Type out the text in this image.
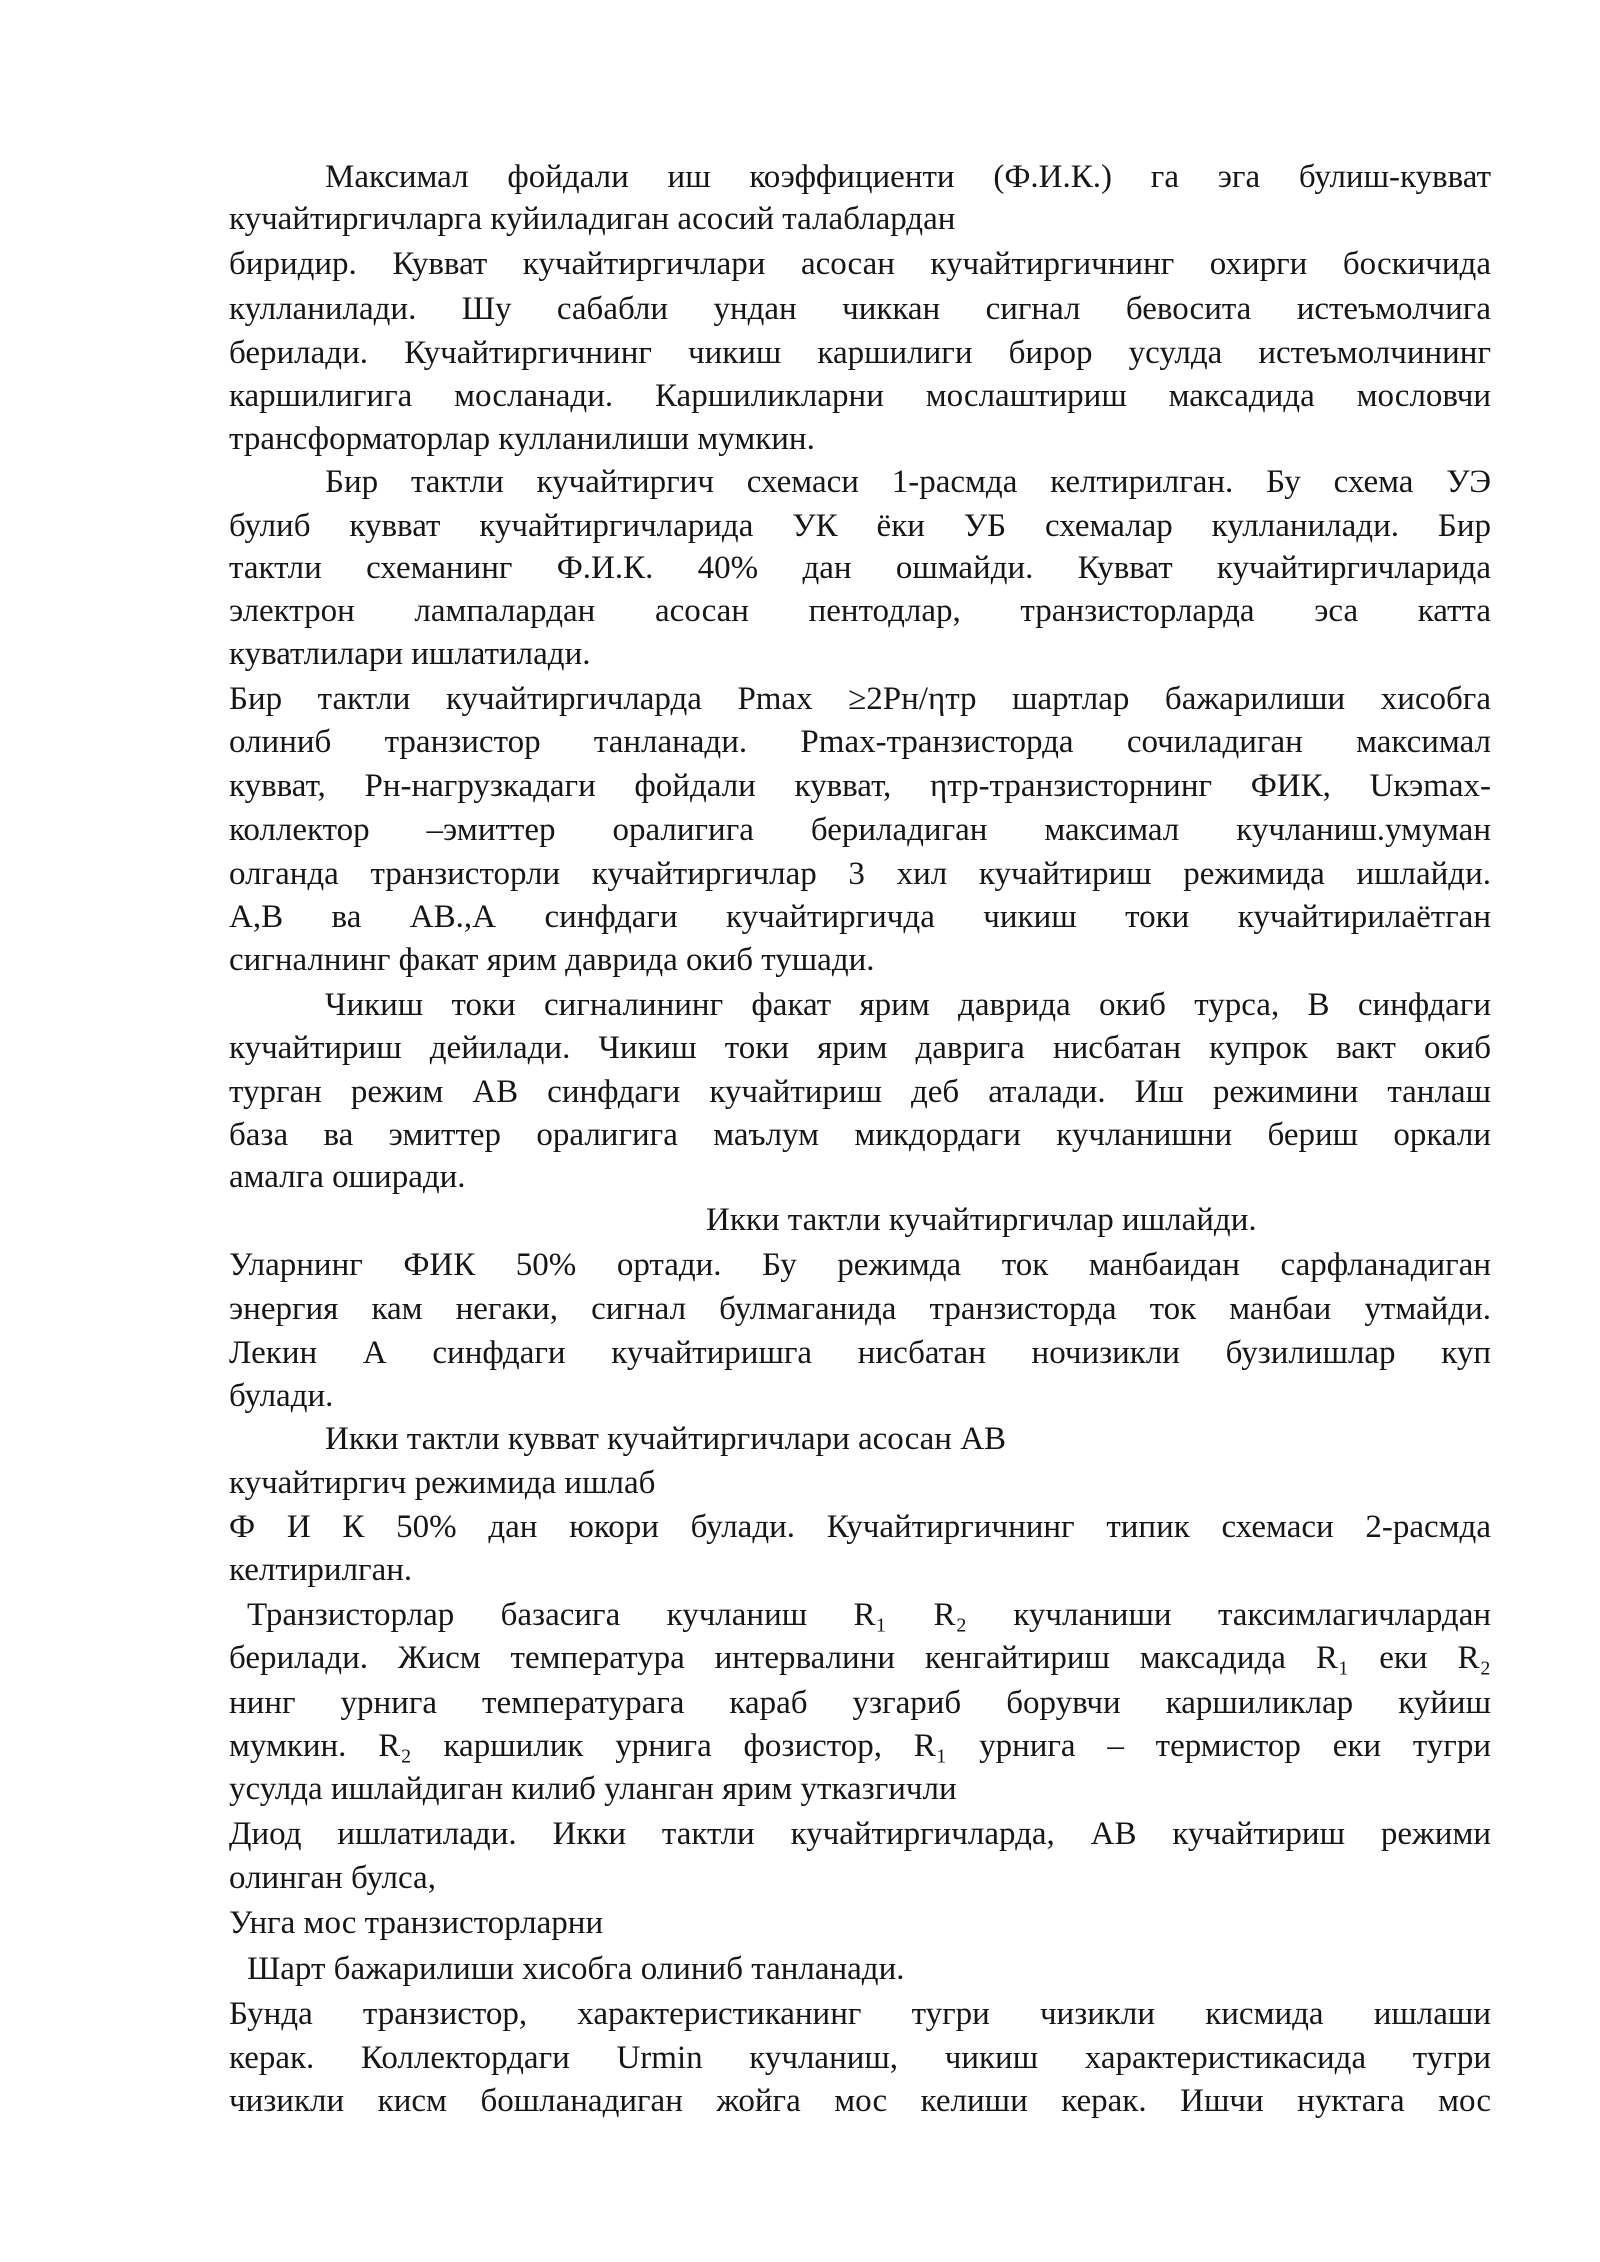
Максимал фойдали иш коэффициенти (Ф.И.К.) га эга булиш-кувват
кучайтиргичларга куйиладиган асосий талаблардан
биридир. Кувват кучайтиргичлари асосан кучайтиргичнинг охирги боскичида
кулланилади. Шу сабабли ундан чиккан сигнал бевосита истеъмолчига
берилади. Кучайтиргичнинг чикиш каршилиги бирор усулда истеъмолчининг
каршилигига мосланади. Каршиликларни мослаштириш максадида мословчи
трансформаторлар кулланилиши мумкин.
Бир тактли кучайтиргич схемаси 1-расмда келтирилган. Бу схема УЭ
булиб кувват кучайтиргичларида УК ёки УБ схемалар кулланилади. Бир
тактли схеманинг Ф.И.К. 40% дан ошмайди. Кувват кучайтиргичларида
электрон лампалардан асосан пентодлар, транзисторларда эса катта
куватлилари ишлатилади.
Бир тактли кучайтиргичларда Pmax ≥2Pн/ηтр шартлар бажарилиши хисобга
олиниб транзистор танланади. Pmax-транзисторда сочиладиган максимал
кувват, Pн-нагрузкадаги фойдали кувват, ηтр-транзисторнинг ФИК, Uкэmax-
коллектор –эмиттер оралигига бериладиган максимал кучланиш.умуман
олганда транзисторли кучайтиргичлар 3 хил кучайтириш режимида ишлайди.
А,В ва АВ.,А синфдаги кучайтиргичда чикиш токи кучайтирилаётган
сигналнинг факат ярим даврида окиб тушади.
Чикиш токи сигналининг факат ярим даврида окиб турса, В синфдаги
кучайтириш дейилади. Чикиш токи ярим даврига нисбатан купрок вакт окиб
турган режим АВ синфдаги кучайтириш деб аталади. Иш режимини танлаш
база ва эмиттер оралигига маълум микдордаги кучланишни бериш оркали
амалга оширади.
Икки тактли кучайтиргичлар ишлайди.
Уларнинг ФИК 50% ортади. Бу режимда ток манбаидан сарфланадиган
энергия кам негаки, сигнал булмаганида транзисторда ток манбаи утмайди.
Лекин А синфдаги кучайтиришга нисбатан ночизикли бузилишлар куп
булади.
Икки тактли кувват кучайтиргичлари асосан АВ
кучайтиргич режимида ишлаб
Ф И К 50% дан юкори булади. Кучайтиргичнинг типик схемаси 2-расмда
келтирилган.
Транзисторлар базасига кучланиш R₁ R₂ кучланиши таксимлагичлардан
берилади. Жисм температура интервалини кенгайтириш максадида R₁ еки R₂
нинг урнига температурага караб узгариб борувчи каршиликлар куйиш
мумкин. R₂ каршилик урнига фозистор, R₁ урнига – термистор еки тугри
усулда ишлайдиган килиб уланган ярим утказгичли
Диод ишлатилади. Икки тактли кучайтиргичларда, АВ кучайтириш режими
олинган булса,
Унга мос транзисторларни
Шарт бажарилиши хисобга олиниб танланади.
Бунда транзистор, характеристиканинг тугри чизикли кисмида ишлаши
керак. Коллектордаги Urmin кучланиш, чикиш характеристикасида тугри
чизикли кисм бошланадиган жойга мос келиши керак. Ишчи нуктага мос
